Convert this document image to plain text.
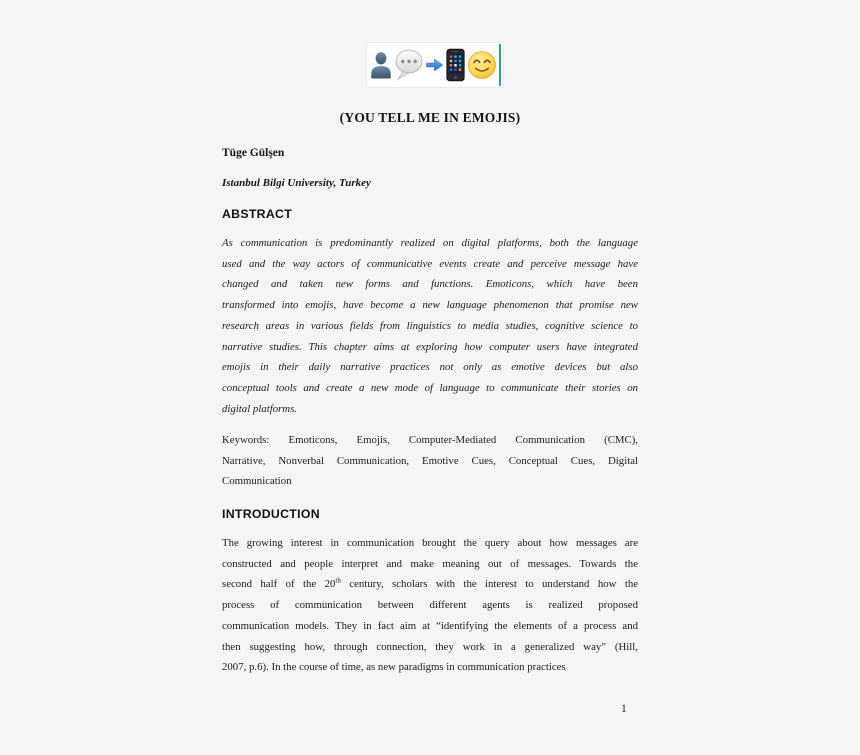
(YOU TELL ME IN EMOJIS)
Tüge Gülşen
Istanbul Bilgi University, Turkey
ABSTRACT
As communication is predominantly realized on digital platforms, both the language
used and the way actors of communicative events create and perceive message have
changed and taken new forms and functions. Emoticons, which have been
transformed into emojis, have become a new language phenomenon that promise new
research areas in various fields from linguistics to media studies, cognitive science to
narrative studies. This chapter aims at exploring how computer users have integrated
emojis in their daily narrative practices not only as emotive devices but also
conceptual tools and create a new mode of language to communicate their stories on
digital platforms.
Keywords: Emoticons, Emojis, Computer-Mediated Communication (CMC),
Narrative, Nonverbal Communication, Emotive Cues, Conceptual Cues, Digital
Communication
INTRODUCTION
The growing interest in communication brought the query about how messages are
constructed and people interpret and make meaning out of messages. Towards the
second half of the 20th century, scholars with the interest to understand how the
process of communication between different agents is realized proposed
communication models. They in fact aim at “identifying the elements of a process and
then suggesting how, through connection, they work in a generalized way” (Hill,
2007, p.6). In the course of time, as new paradigms in communication practices
1
